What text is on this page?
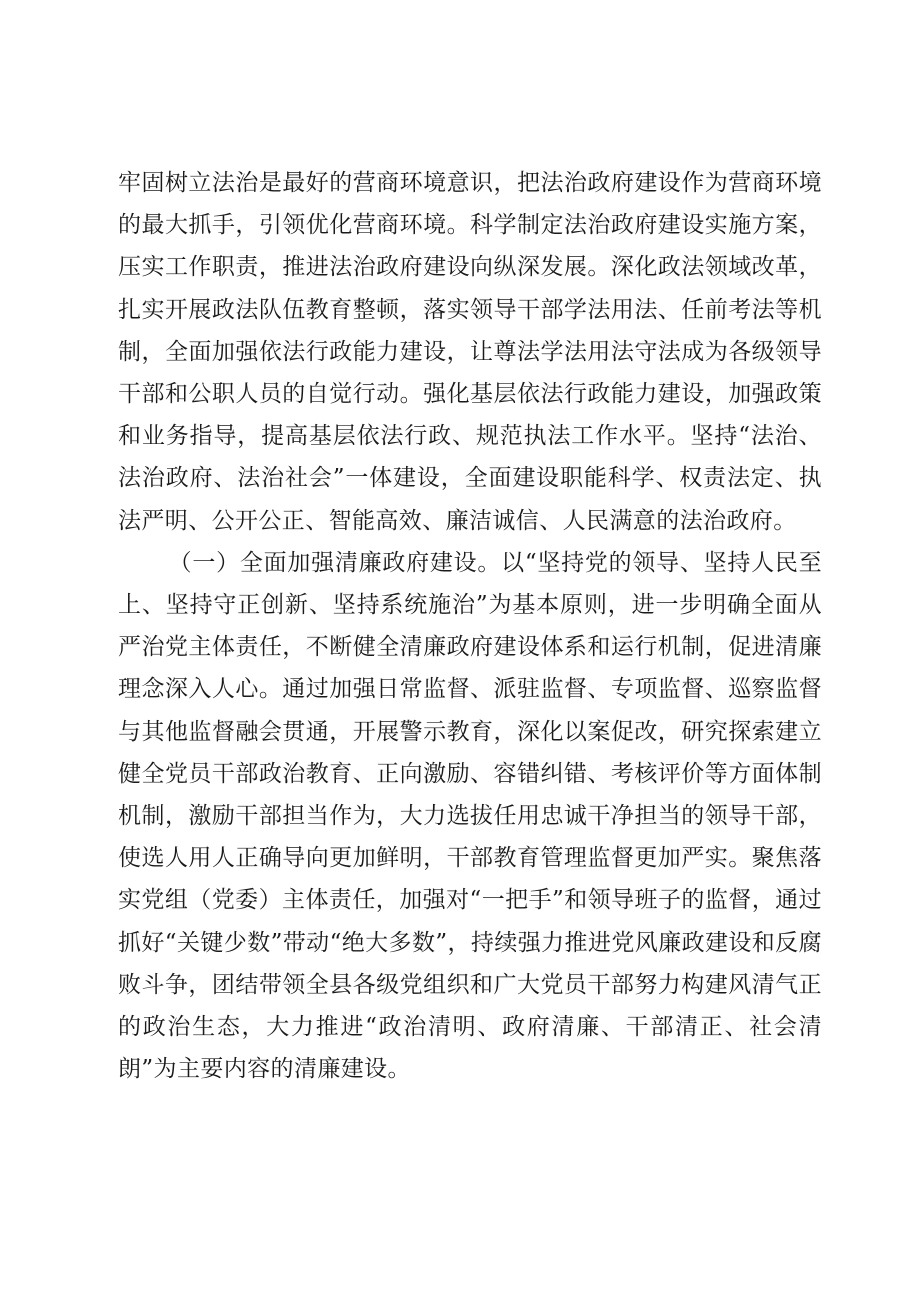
牢固树立法治是最好的营商环境意识，把法治政府建设作为营商环境的最大抓手，引领优化营商环境。科学制定法治政府建设实施方案，压实工作职责，推进法治政府建设向纵深发展。深化政法领域改革，扎实开展政法队伍教育整顿，落实领导干部学法用法、任前考法等机制，全面加强依法行政能力建设，让尊法学法用法守法成为各级领导干部和公职人员的自觉行动。强化基层依法行政能力建设，加强政策和业务指导，提高基层依法行政、规范执法工作水平。坚持“法治、法治政府、法治社会”一体建设，全面建设职能科学、权责法定、执法严明、公开公正、智能高效、廉洁诚信、人民满意的法治政府。

（一）全面加强清廉政府建设。以“坚持党的领导、坚持人民至上、坚持守正创新、坚持系统施治”为基本原则，进一步明确全面从严治党主体责任，不断健全清廉政府建设体系和运行机制，促进清廉理念深入人心。通过加强日常监督、派驻监督、专项监督、巡察监督与其他监督融会贯通，开展警示教育，深化以案促改，研究探索建立健全党员干部政治教育、正向激励、容错纠错、考核评价等方面体制机制，激励干部担当作为，大力选拔任用忠诚干净担当的领导干部，使选人用人正确导向更加鲜明，干部教育管理监督更加严实。聚焦落实党组（党委）主体责任，加强对“一把手”和领导班子的监督，通过抓好“关键少数”带动“绝大多数”，持续强力推进党风廉政建设和反腐败斗争，团结带领全县各级党组织和广大党员干部努力构建风清气正的政治生态，大力推进“政治清明、政府清廉、干部清正、社会清朗”为主要内容的清廉建设。
